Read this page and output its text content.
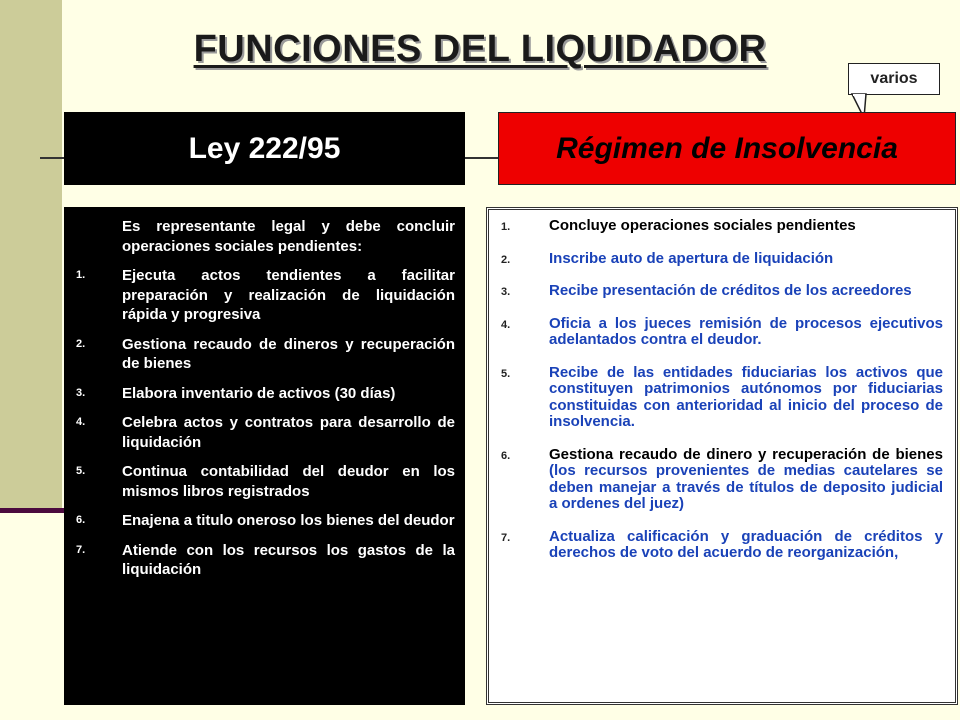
FUNCIONES DEL LIQUIDADOR
varios
Ley 222/95	Régimen de Insolvencia
Es representante legal y debe concluir operaciones sociales pendientes:
1.	Ejecuta actos tendientes a facilitar preparación y realización de liquidación rápida y progresiva
2.	Gestiona recaudo de dineros y recuperación de bienes
3.	Elabora inventario de activos (30 días)
4.	Celebra actos y contratos para desarrollo de liquidación
5.	Continua contabilidad del deudor en los mismos libros registrados
6.	Enajena a titulo oneroso los bienes del deudor
7.	Atiende con los recursos los gastos de la liquidación
1.	Concluye operaciones sociales pendientes
2.	Inscribe auto de apertura de liquidación
3.	Recibe presentación de créditos de los acreedores
4.	Oficia a los jueces remisión de procesos ejecutivos adelantados contra el deudor.
5.	Recibe de las entidades fiduciarias los activos que constituyen patrimonios autónomos por fiduciarias constituidas con anterioridad al inicio del proceso de insolvencia.
6.	Gestiona recaudo de dinero y recuperación de bienes (los recursos provenientes de medias cautelares se deben manejar a través de títulos de deposito judicial a ordenes del juez)
7.	Actualiza calificación y graduación de créditos y derechos de voto del acuerdo de reorganización,
